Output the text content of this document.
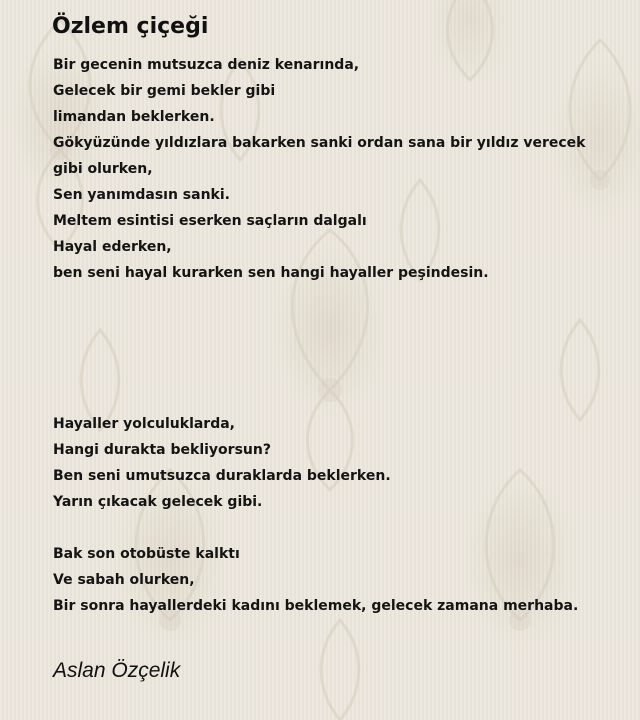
Özlem çiçeği
Bir gecenin mutsuzca deniz kenarında,
Gelecek bir gemi bekler gibi
limandan beklerken.
Gökyüzünde yıldızlara bakarken sanki ordan sana bir yıldız verecek
gibi olurken,
Sen yanımdasın sanki.
Meltem esintisi eserken saçların dalgalı
Hayal ederken,
ben seni hayal kurarken sen hangi hayaller peşindesin.
Hayaller yolculuklarda,
Hangi durakta bekliyorsun?
Ben seni umutsuzca duraklarda beklerken.
Yarın çıkacak gelecek gibi.
Bak son otobüste kalktı
Ve sabah olurken,
Bir sonra hayallerdeki kadını beklemek, gelecek zamana merhaba.

Aslan Özçelik
